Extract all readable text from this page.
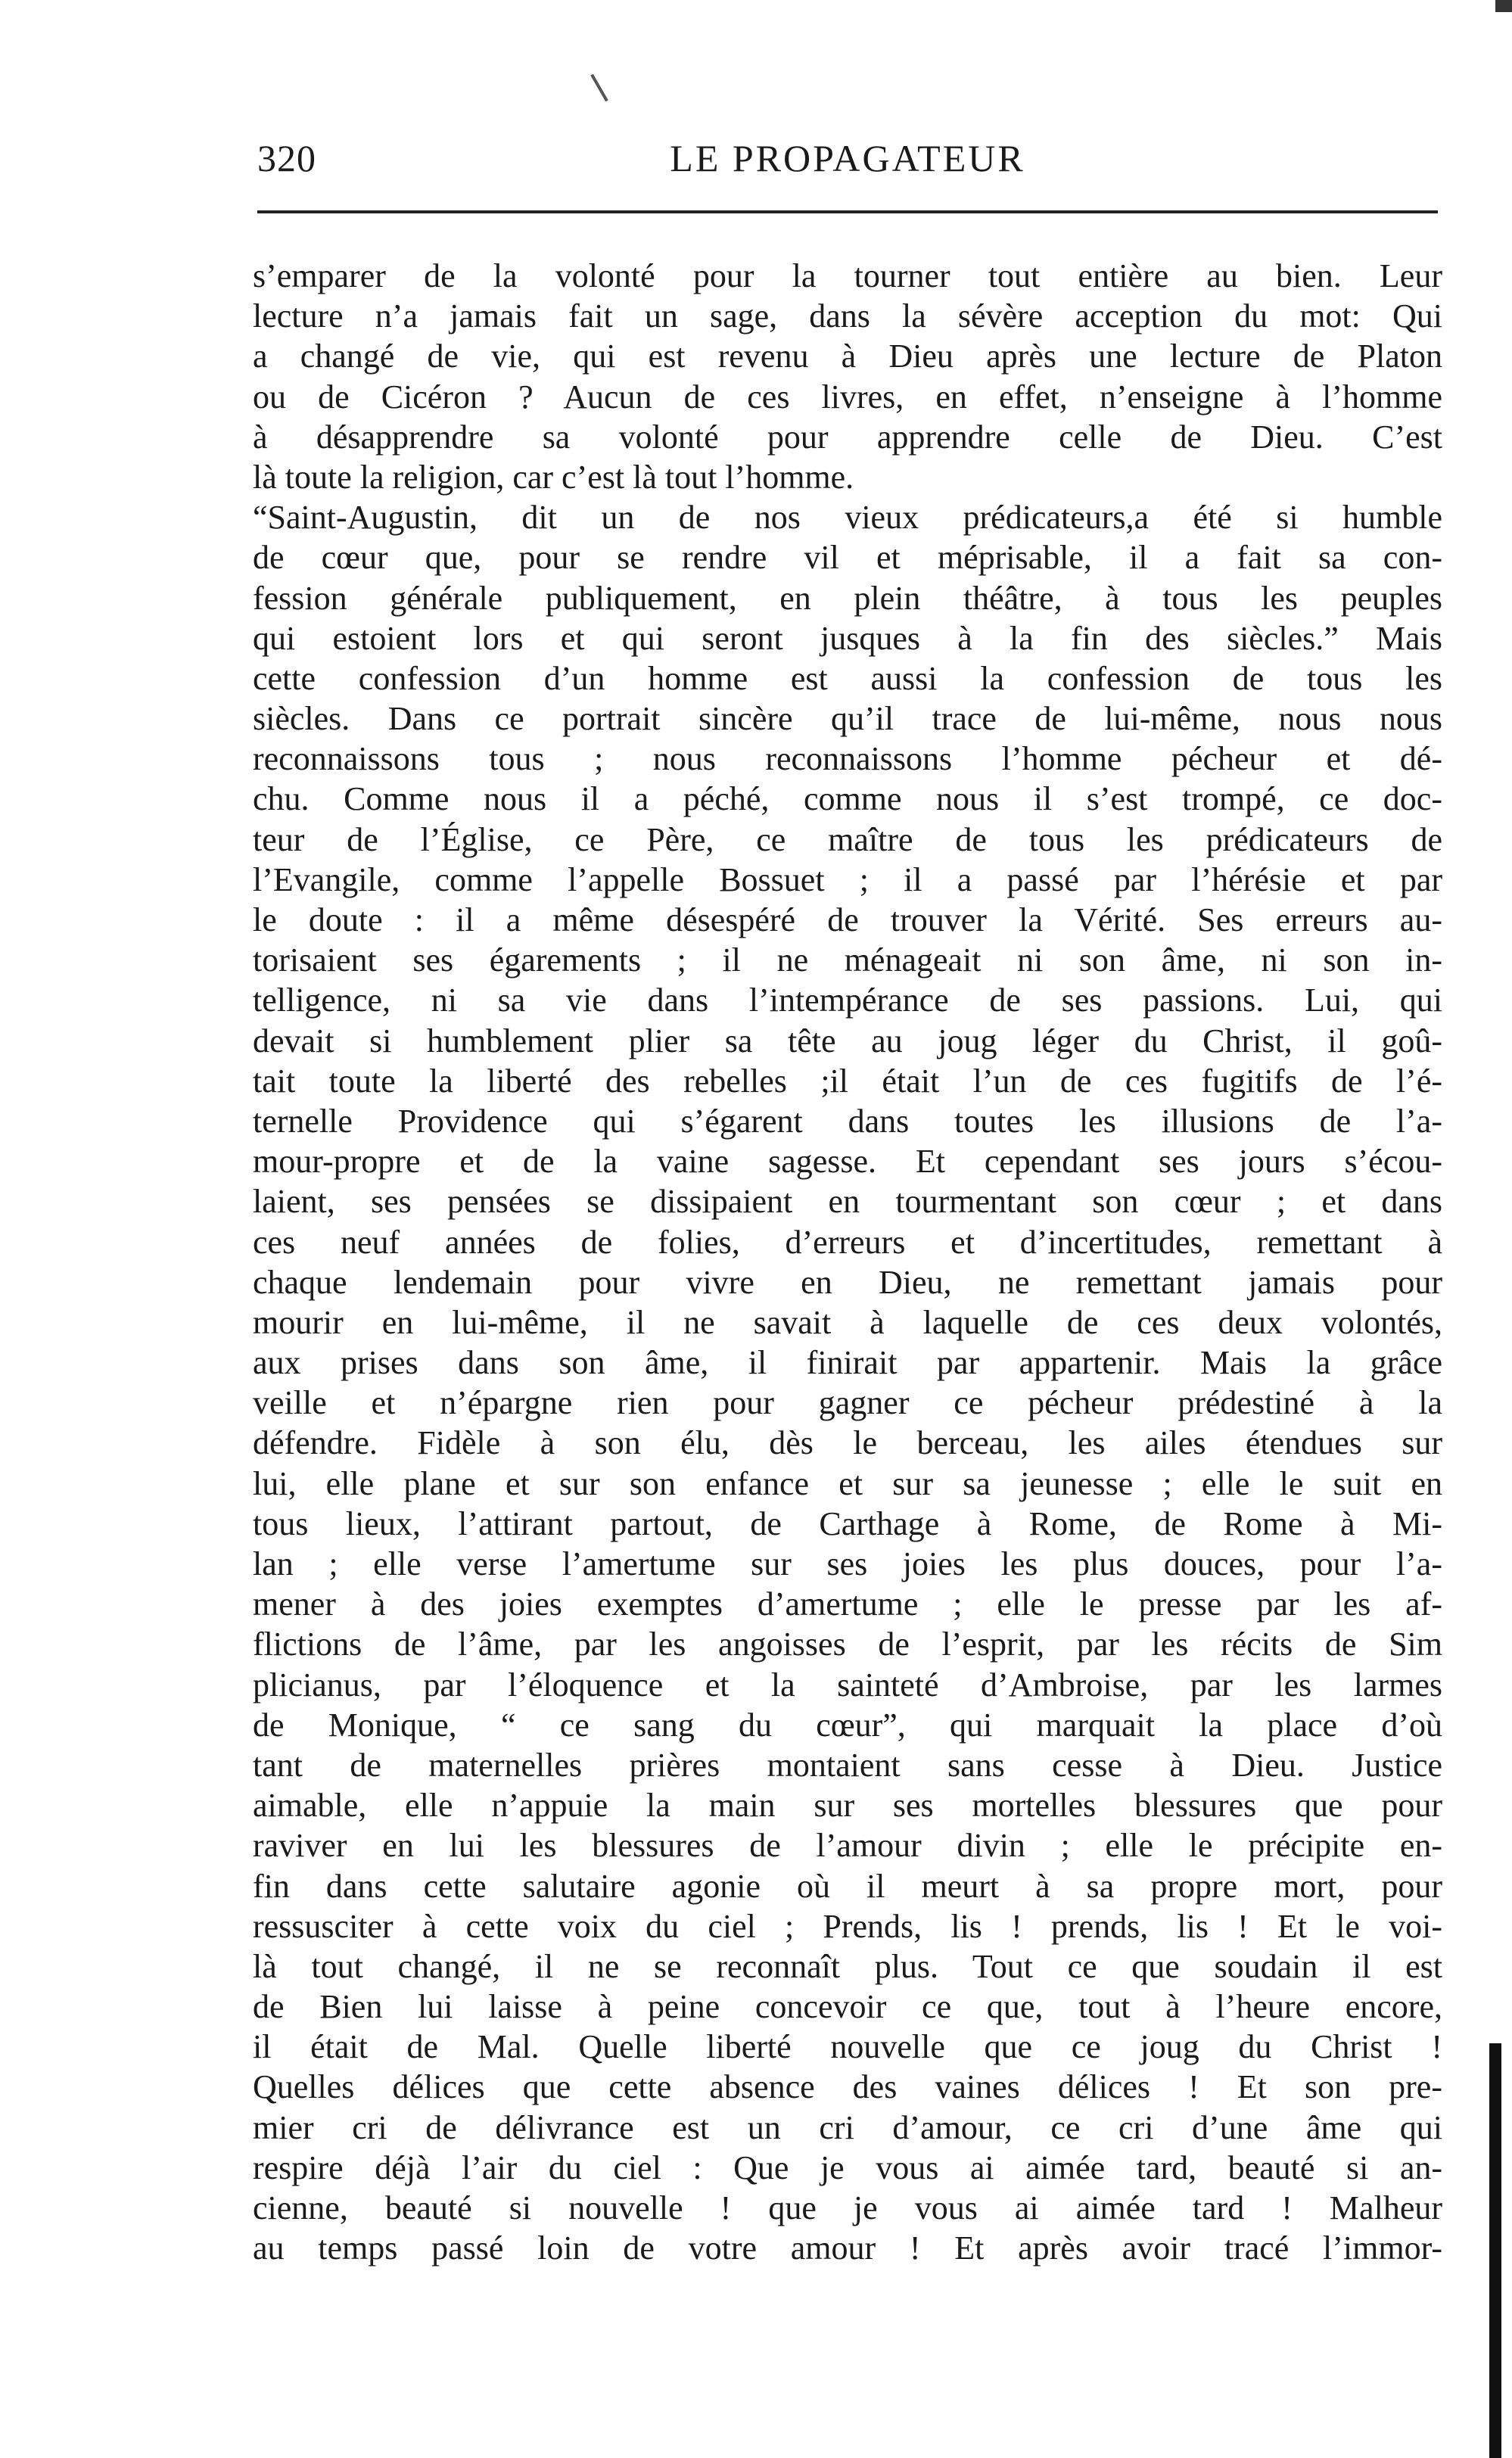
320	LE PROPAGATEUR
s’emparer de la volonté pour la tourner tout entière au bien. Leur
lecture n’a jamais fait un sage, dans la sévère acception du mot: Qui
a changé de vie, qui est revenu à Dieu après une lecture de Platon
ou de Cicéron ? Aucun de ces livres, en effet, n’enseigne à l’homme
à désapprendre sa volonté pour apprendre celle de Dieu. C’est
là toute la religion, car c’est là tout l’homme.
“Saint-Augustin, dit un de nos vieux prédicateurs,a été si humble
de cœur que, pour se rendre vil et méprisable, il a fait sa con-
fession générale publiquement, en plein théâtre, à tous les peuples
qui estoient lors et qui seront jusques à la fin des siècles.” Mais
cette confession d’un homme est aussi la confession de tous les
siècles. Dans ce portrait sincère qu’il trace de lui-même, nous nous
reconnaissons tous ; nous reconnaissons l’homme pécheur et dé-
chu. Comme nous il a péché, comme nous il s’est trompé, ce doc-
teur de l’Église, ce Père, ce maître de tous les prédicateurs de
l’Evangile, comme l’appelle Bossuet ; il a passé par l’hérésie et par
le doute : il a même désespéré de trouver la Vérité. Ses erreurs au-
torisaient ses égarements ; il ne ménageait ni son âme, ni son in-
telligence, ni sa vie dans l’intempérance de ses passions. Lui, qui
devait si humblement plier sa tête au joug léger du Christ, il goû-
tait toute la liberté des rebelles ;il était l’un de ces fugitifs de l’é-
ternelle Providence qui s’égarent dans toutes les illusions de l’a-
mour-propre et de la vaine sagesse. Et cependant ses jours s’écou-
laient, ses pensées se dissipaient en tourmentant son cœur ; et dans
ces neuf années de folies, d’erreurs et d’incertitudes, remettant à
chaque lendemain pour vivre en Dieu, ne remettant jamais pour
mourir en lui-même, il ne savait à laquelle de ces deux volontés,
aux prises dans son âme, il finirait par appartenir. Mais la grâce
veille et n’épargne rien pour gagner ce pécheur prédestiné à la
défendre. Fidèle à son élu, dès le berceau, les ailes étendues sur
lui, elle plane et sur son enfance et sur sa jeunesse ; elle le suit en
tous lieux, l’attirant partout, de Carthage à Rome, de Rome à Mi-
lan ; elle verse l’amertume sur ses joies les plus douces, pour l’a-
mener à des joies exemptes d’amertume ; elle le presse par les af-
flictions de l’âme, par les angoisses de l’esprit, par les récits de Sim
plicianus, par l’éloquence et la sainteté d’Ambroise, par les larmes
de Monique, “ ce sang du cœur”, qui marquait la place d’où
tant de maternelles prières montaient sans cesse à Dieu. Justice
aimable, elle n’appuie la main sur ses mortelles blessures que pour
raviver en lui les blessures de l’amour divin ; elle le précipite en-
fin dans cette salutaire agonie où il meurt à sa propre mort, pour
ressusciter à cette voix du ciel ; Prends, lis ! prends, lis ! Et le voi-
là tout changé, il ne se reconnaît plus. Tout ce que soudain il est
de Bien lui laisse à peine concevoir ce que, tout à l’heure encore,
il était de Mal. Quelle liberté nouvelle que ce joug du Christ !
Quelles délices que cette absence des vaines délices ! Et son pre-
mier cri de délivrance est un cri d’amour, ce cri d’une âme qui
respire déjà l’air du ciel : Que je vous ai aimée tard, beauté si an-
cienne, beauté si nouvelle ! que je vous ai aimée tard ! Malheur
au temps passé loin de votre amour ! Et après avoir tracé l’immor-
